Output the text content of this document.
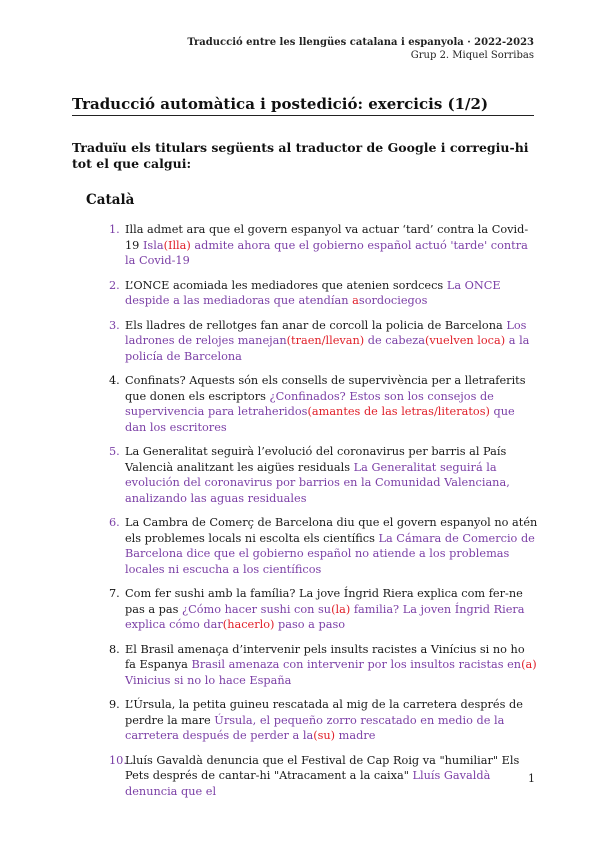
Traducció entre les llengües catalana i espanyola · 2022-2023
Grup 2. Miquel Sorribas
Traducció automàtica i postedició: exercicis (1/2)
Traduïu els titulars següents al traductor de Google i corregiu-hi tot el que calgui:
Català
1. Illa admet ara que el govern espanyol va actuar ‘tard’ contra la Covid-19 Isla(Illa) admite ahora que el gobierno español actuó 'tarde' contra la Covid-19
2. L’ONCE acomiada les mediadores que atenien sordcecs La ONCE despide a las mediadoras que atendían asordociegos
3. Els lladres de rellotges fan anar de corcoll la policia de Barcelona Los ladrones de relojes manejan(traen/llevan) de cabeza(vuelven loca) a la policía de Barcelona
4. Confinats? Aquests són els consells de supervivència per a lletraferits que donen els escriptors ¿Confinados? Estos son los consejos de supervivencia para letraheridos(amantes de las letras/literatos) que dan los escritores
5. La Generalitat seguirà l’evolució del coronavirus per barris al País Valencià analitzant les aigües residuals La Generalitat seguirá la evolución del coronavirus por barrios en la Comunidad Valenciana, analizando las aguas residuales
6. La Cambra de Comerç de Barcelona diu que el govern espanyol no atén els problemes locals ni escolta els científics La Cámara de Comercio de Barcelona dice que el gobierno español no atiende a los problemas locales ni escucha a los científicos
7. Com fer sushi amb la família? La jove Íngrid Riera explica com fer-ne pas a pas ¿Cómo hacer sushi con su(la) familia? La joven Íngrid Riera explica cómo dar(hacerlo) paso a paso
8. El Brasil amenaça d’intervenir pels insults racistes a Vinícius si no ho fa Espanya Brasil amenaza con intervenir por los insultos racistas en(a) Vinicius si no lo hace España
9. L’Úrsula, la petita guineu rescatada al mig de la carretera després de perdre la mare Úrsula, el pequeño zorro rescatado en medio de la carretera después de perder a la(su) madre
10.
Lluís Gavaldà denuncia que el Festival de Cap Roig va "humiliar" Els Pets després de cantar-hi "Atracament a la caixa" Lluís Gavaldà denuncia que el
1
